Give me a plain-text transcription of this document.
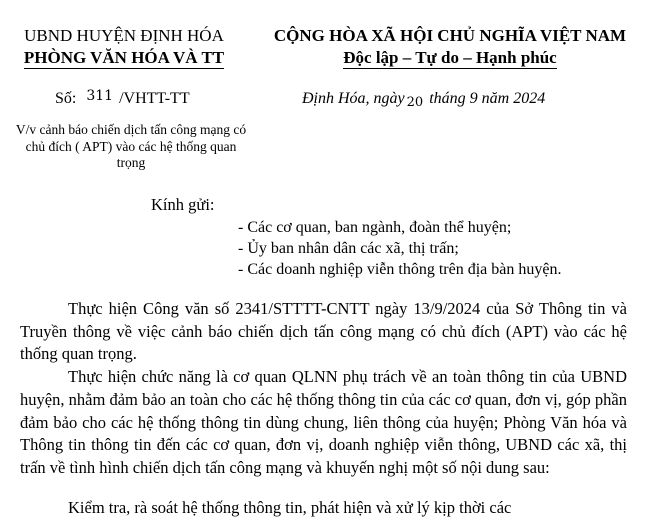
UBND HUYỆN ĐỊNH HÓA
PHÒNG VĂN HÓA VÀ TT
CỘNG HÒA XÃ HỘI CHỦ NGHĨA VIỆT NAM
Độc lập – Tự do – Hạnh phúc
Số: 311 /VHTT-TT	Định Hóa, ngày 20 tháng 9 năm 2024
V/v cảnh báo chiến dịch tấn công mạng có chủ đích ( APT) vào các hệ thống quan trọng
Kính gửi:
- Các cơ quan, ban ngành, đoàn thể huyện;
- Ủy ban nhân dân các xã, thị trấn;
- Các doanh nghiệp viễn thông trên địa bàn huyện.

Thực hiện Công văn số 2341/STTTT-CNTT ngày 13/9/2024 của Sở Thông tin và Truyền thông về việc cảnh báo chiến dịch tấn công mạng có chủ đích (APT) vào các hệ thống quan trọng.

Thực hiện chức năng là cơ quan QLNN phụ trách về an toàn thông tin của UBND huyện, nhằm đảm bảo an toàn cho các hệ thống thông tin của các cơ quan, đơn vị, góp phần đảm bảo cho các hệ thống thông tin dùng chung, liên thông của huyện; Phòng Văn hóa và Thông tin thông tin đến các cơ quan, đơn vị, doanh nghiệp viễn thông, UBND các xã, thị trấn về tình hình chiến dịch tấn công mạng và khuyến nghị một số nội dung sau:

Kiểm tra, rà soát hệ thống thông tin, phát hiện và xử lý kịp thời các
